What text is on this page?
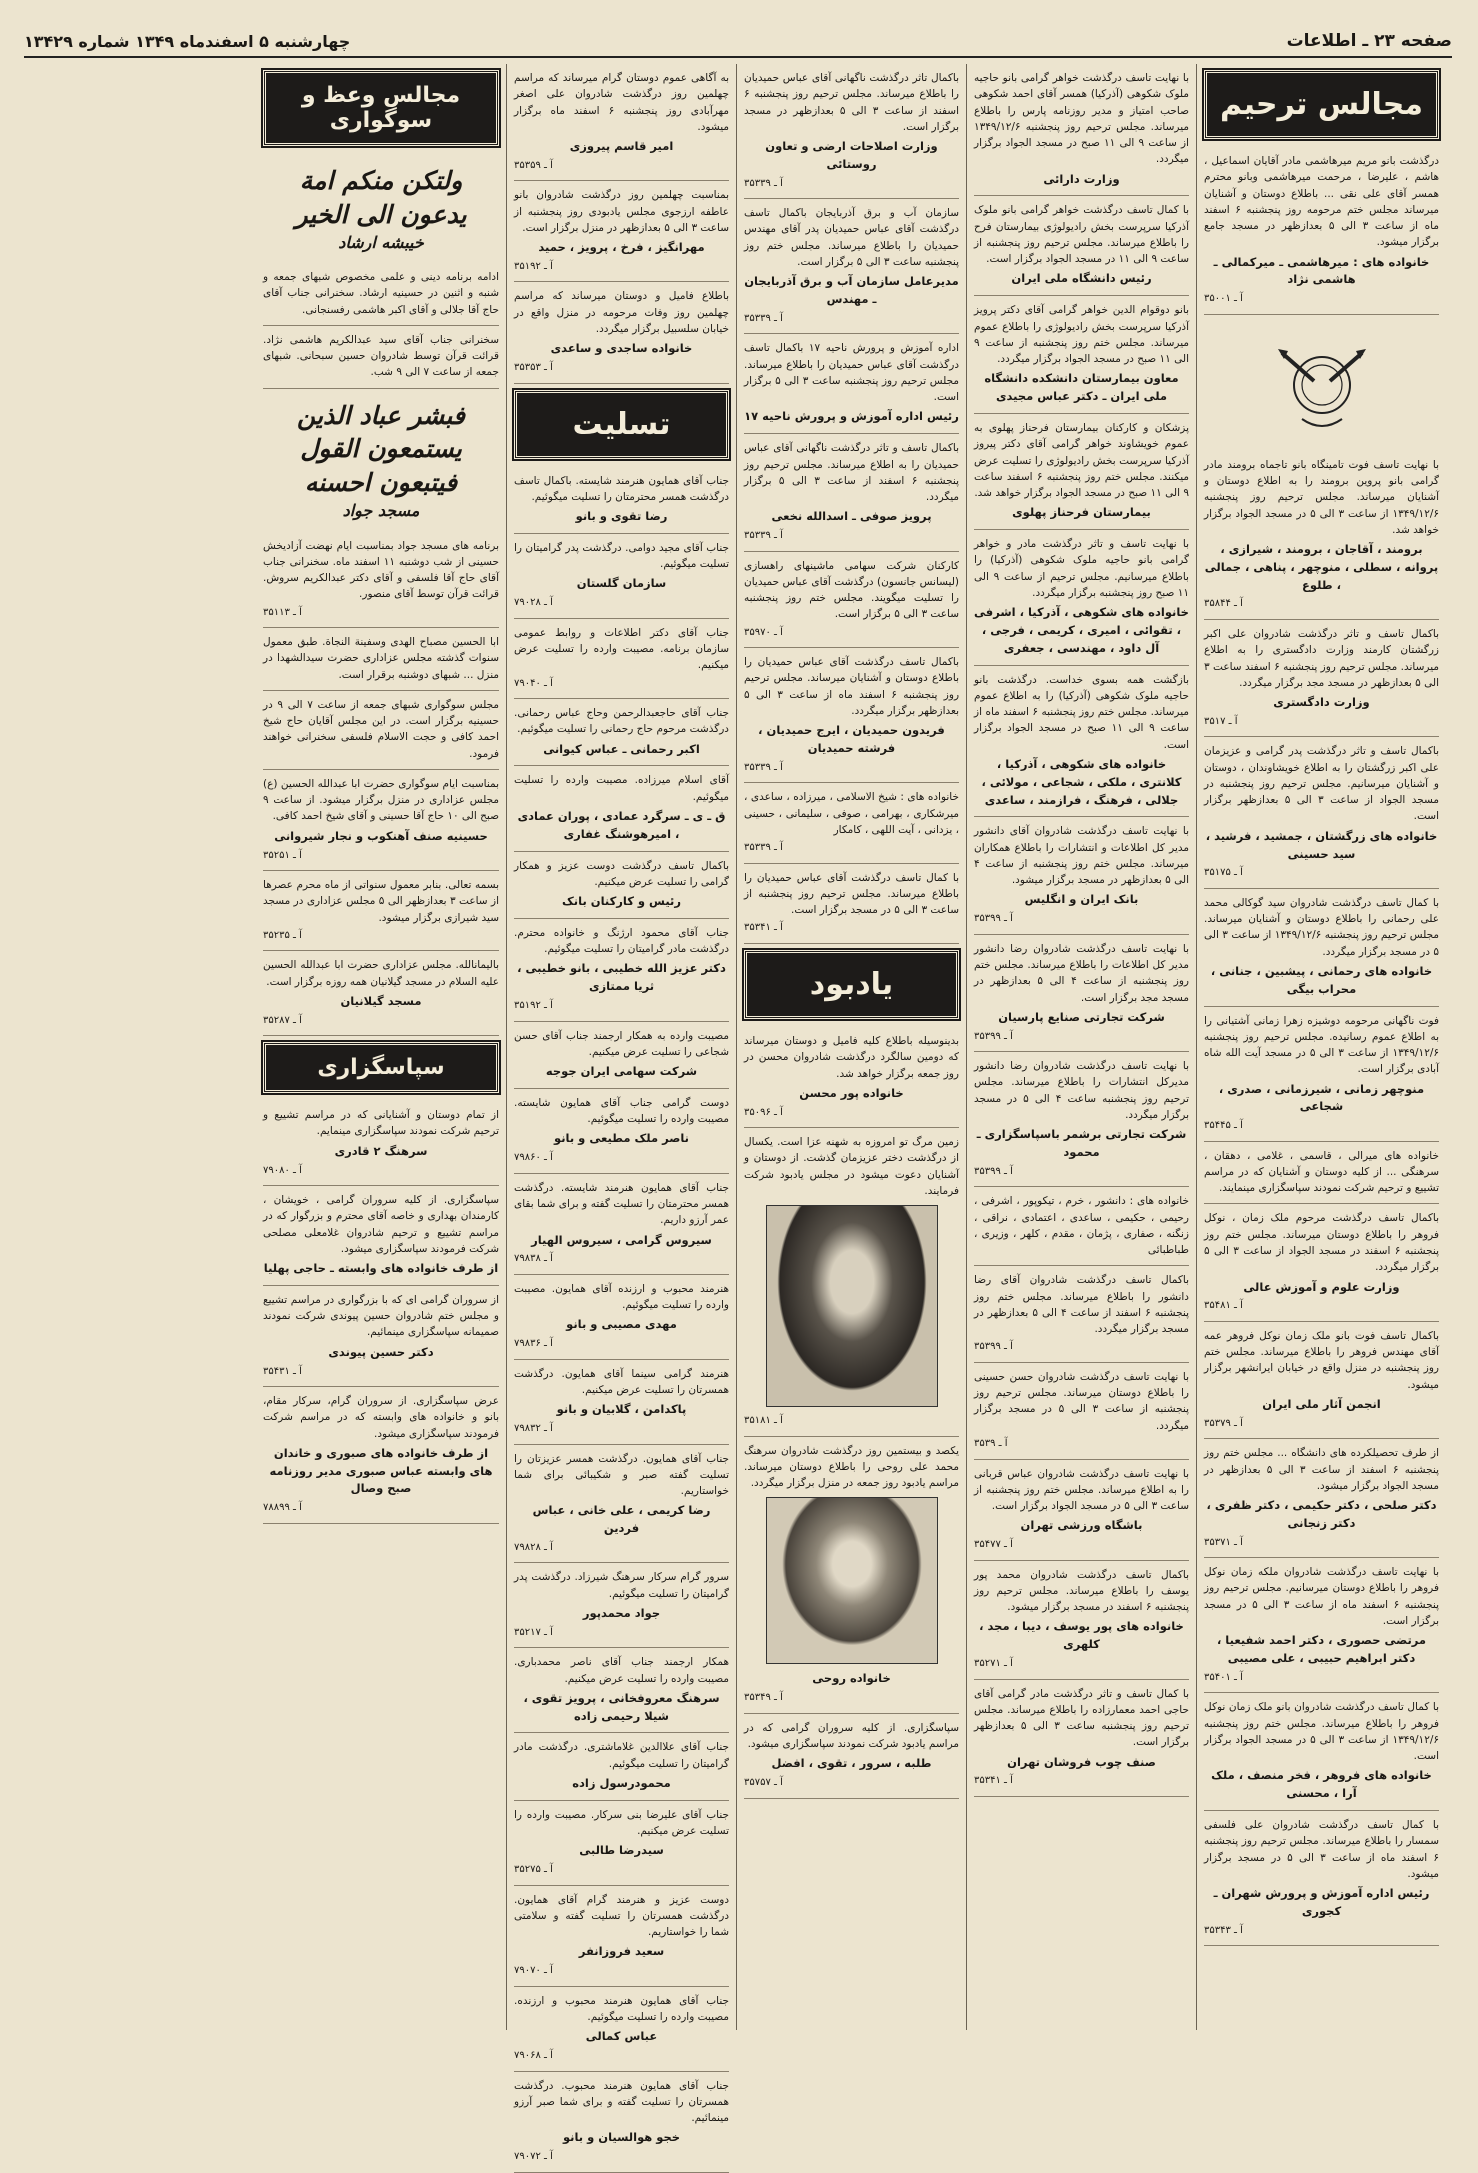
صفحه ۲۳ ـ اطلاعات
چهارشنبه ۵ اسفندماه ۱۳۴۹ شماره ۱۳۴۲۹
مجالس ترحیم

درگذشت بانو مریم میرهاشمی مادر آقایان اسماعیل ، هاشم ، علیرضا ، مرحمت میرهاشمی وبانو محترم همسر آقای علی نقی ... باطلاع دوستان و آشنایان میرساند مجلس ختم مرحومه روز پنجشنبه ۶ اسفند ماه از ساعت ۳ الی ۵ بعدازظهر در مسجد جامع برگزار میشود.

خانواده های : میرهاشمی ـ میرکمالی ـ هاشمی نژاد
آ ـ ۳۵۰۰۱

با نهایت تاسف فوت تامینگاه بانو تاجماه برومند مادر گرامی بانو پروین برومند را به اطلاع دوستان و آشنایان میرساند. مجلس ترحیم روز پنجشنبه ۱۳۴۹/۱۲/۶ از ساعت ۳ الی ۵ در مسجد الجواد برگزار خواهد شد.

برومند ، آقاجان ، برومند ، شیرازی ، پروانه ، سطلی ، منوچهر ، پناهی ، جمالی ، طلوع
آ ـ ۳۵۸۴۴

باکمال تاسف و تاثر درگذشت شادروان علی اکبر زرگشتان کارمند وزارت دادگستری را به اطلاع میرساند. مجلس ترحیم روز پنجشنبه ۶ اسفند ساعت ۳ الی ۵ بعدازظهر در مسجد مجد برگزار میگردد.

وزارت دادگستری
آ ـ ۳۵۱۷

باکمال تاسف و تاثر درگذشت پدر گرامی و عزیزمان علی اکبر زرگشتان را به اطلاع خویشاوندان ، دوستان و آشنایان میرسانیم. مجلس ترحیم روز پنجشنبه در مسجد الجواد از ساعت ۳ الی ۵ بعدازظهر برگزار است.

خانواده های زرگشتان ، جمشید ، فرشید ، سید حسینی
آ ـ ۳۵۱۷۵

با کمال تاسف درگذشت شادروان سید گوکالی محمد علی رحمانی را باطلاع دوستان و آشنایان میرساند. مجلس ترحیم روز پنجشنبه ۱۳۴۹/۱۲/۶ از ساعت ۳ الی ۵ در مسجد برگزار میگردد.

خانواده های رحمانی ، پیشبین ، جنانی ، محراب بیگی

فوت ناگهانی مرحومه دوشیزه زهرا زمانی آشتیانی را به اطلاع عموم رسانیده. مجلس ترحیم روز پنجشنبه ۱۳۴۹/۱۲/۶ از ساعت ۳ الی ۵ در مسجد آیت الله شاه آبادی برگزار است.

منوچهر زمانی ، شیرزمانی ، صدری ، شجاعی
آ ـ ۳۵۴۴۵

خانواده های میرالی ، قاسمی ، غلامی ، دهقان ، سرهنگی ... از کلیه دوستان و آشنایان که در مراسم تشییع و ترحیم شرکت نمودند سپاسگزاری مینمایند.

باکمال تاسف درگذشت مرحوم ملک زمان ، نوکل فروهر را باطلاع دوستان میرساند. مجلس ختم روز پنجشنبه ۶ اسفند در مسجد الجواد از ساعت ۳ الی ۵ برگزار میگردد.

وزارت علوم و آموزش عالی
آ ـ ۳۵۴۸۱

باکمال تاسف فوت بانو ملک زمان نوکل فروهر عمه آقای مهندس فروهر را باطلاع میرساند. مجلس ختم روز پنجشنبه در منزل واقع در خیابان ایرانشهر برگزار میشود.

انجمن آثار ملی ایران
آ ـ ۳۵۳۷۹

از طرف تحصیلکرده های دانشگاه ... مجلس ختم روز پنجشنبه ۶ اسفند از ساعت ۳ الی ۵ بعدازظهر در مسجد الجواد برگزار میشود.

دکتر صلحی ، دکتر حکیمی ، دکتر ظفری ، دکتر زنجانی
آ ـ ۳۵۳۷۱

با نهایت تاسف درگذشت شادروان ملکه زمان نوکل فروهر را باطلاع دوستان میرسانیم. مجلس ترحیم روز پنجشنبه ۶ اسفند ماه از ساعت ۳ الی ۵ در مسجد برگزار است.

مرتضی حصوری ، دکتر احمد شفیعیا ، دکتر ابراهیم حبیبی ، علی مصیبی
آ ـ ۳۵۴۰۱

با کمال تاسف درگذشت شادروان بانو ملک زمان نوکل فروهر را باطلاع میرساند. مجلس ختم روز پنجشنبه ۱۳۴۹/۱۲/۶ از ساعت ۳ الی ۵ در مسجد الجواد برگزار است.

خانواده های فروهر ، فخر منصف ، ملک آرا ، محسنی

با کمال تاسف درگذشت شادروان علی فلسفی سمسار را باطلاع میرساند. مجلس ترحیم روز پنجشنبه ۶ اسفند ماه از ساعت ۳ الی ۵ در مسجد برگزار میشود.

رئیس اداره آموزش و پرورش شهران ـ کجوری
آ ـ ۳۵۳۴۳

با نهایت تاسف درگذشت خواهر گرامی بانو حاجیه ملوک شکوهی (آذرکیا) همسر آقای احمد شکوهی صاحب امتیاز و مدیر روزنامه پارس را باطلاع میرساند. مجلس ترحیم روز پنجشنبه ۱۳۴۹/۱۲/۶ از ساعت ۹ الی ۱۱ صبح در مسجد الجواد برگزار میگردد.

وزارت دارائی

با کمال تاسف درگذشت خواهر گرامی بانو ملوک آذرکیا سرپرست بخش رادیولوژی بیمارستان فرح را باطلاع میرساند. مجلس ترحیم روز پنجشنبه از ساعت ۹ الی ۱۱ در مسجد الجواد برگزار است.

رئیس دانشگاه ملی ایران

بانو دوقوام الدین خواهر گرامی آقای دکتر پرویز آذرکیا سرپرست بخش رادیولوژی را باطلاع عموم میرساند. مجلس ختم روز پنجشنبه از ساعت ۹ الی ۱۱ صبح در مسجد الجواد برگزار میگردد.

معاون بیمارستان دانشکده دانشگاه ملی ایران ـ دکتر عباس مجیدی

پزشکان و کارکنان بیمارستان فرحناز پهلوی به عموم خویشاوند خواهر گرامی آقای دکتر پیروز آذرکیا سرپرست بخش رادیولوژی را تسلیت عرض میکنند. مجلس ختم روز پنجشنبه ۶ اسفند ساعت ۹ الی ۱۱ صبح در مسجد الجواد برگزار خواهد شد.

بیمارستان فرحناز پهلوی

با نهایت تاسف و تاثر درگذشت مادر و خواهر گرامی بانو حاجیه ملوک شکوهی (آذرکیا) را باطلاع میرسانیم. مجلس ترحیم از ساعت ۹ الی ۱۱ صبح روز پنجشنبه برگزار میگردد.

خانواده های شکوهی ، آذرکیا ، اشرفی ، تقوائی ، امیری ، کریمی ، فرجی ، آل داود ، مهندسی ، جعفری

بازگشت همه بسوی خداست. درگذشت بانو حاجیه ملوک شکوهی (آذرکیا) را به اطلاع عموم میرساند. مجلس ختم روز پنجشنبه ۶ اسفند ماه از ساعت ۹ الی ۱۱ صبح در مسجد الجواد برگزار است.

خانواده های شکوهی ، آذرکیا ، کلانتری ، ملکی ، شجاعی ، مولائی ، جلالی ، فرهنگ ، فرازمند ، ساعدی

با نهایت تاسف درگذشت شادروان آقای دانشور مدیر کل اطلاعات و انتشارات را باطلاع همکاران میرساند. مجلس ختم روز پنجشنبه از ساعت ۴ الی ۵ بعدازظهر در مسجد برگزار میشود.

بانک ایران و انگلیس
آ ـ ۳۵۳۹۹

با نهایت تاسف درگذشت شادروان رضا دانشور مدیر کل اطلاعات را باطلاع میرساند. مجلس ختم روز پنجشنبه از ساعت ۴ الی ۵ بعدازظهر در مسجد مجد برگزار است.

شرکت تجارتی صنایع پارسیان
آ ـ ۳۵۳۹۹

با نهایت تاسف درگذشت شادروان رضا دانشور مدیرکل انتشارات را باطلاع میرساند. مجلس ترحیم روز پنجشنبه ساعت ۴ الی ۵ در مسجد برگزار میگردد.

شرکت تجارتی برشمر باسپاسگزاری ـ محمود
آ ـ ۳۵۳۹۹

خانواده های : دانشور ، خرم ، تیکوپور ، اشرفی ، رحیمی ، حکیمی ، ساعدی ، اعتمادی ، نراقی ، زنگنه ، صفاری ، پژمان ، مقدم ، کلهر ، وزیری ، طباطبائی

باکمال تاسف درگذشت شادروان آقای رضا دانشور را باطلاع میرساند. مجلس ختم روز پنجشنبه ۶ اسفند از ساعت ۴ الی ۵ بعدازظهر در مسجد برگزار میگردد.

آ ـ ۳۵۳۹۹

با نهایت تاسف درگذشت شادروان حسن حسینی را باطلاع دوستان میرساند. مجلس ترحیم روز پنجشنبه از ساعت ۳ الی ۵ در مسجد برگزار میگردد.

آ ـ ۳۵۳۹

با نهایت تاسف درگذشت شادروان عباس قربانی را به اطلاع میرساند. مجلس ختم روز پنجشنبه از ساعت ۳ الی ۵ در مسجد الجواد برگزار است.

باشگاه ورزشی تهران
آ ـ ۳۵۴۷۷

باکمال تاسف درگذشت شادروان محمد پور یوسف را باطلاع میرساند. مجلس ترحیم روز پنجشنبه ۶ اسفند در مسجد برگزار میشود.

خانواده های پور یوسف ، دیبا ، مجد ، کلهری
آ ـ ۳۵۲۷۱

با کمال تاسف و تاثر درگذشت مادر گرامی آقای حاجی احمد معمارزاده را باطلاع میرساند. مجلس ترحیم روز پنجشنبه ساعت ۳ الی ۵ بعدازظهر برگزار است.

صنف چوب فروشان تهران
آ ـ ۳۵۳۴۱

باکمال تاثر درگذشت ناگهانی آقای عباس حمیدیان را باطلاع میرساند. مجلس ترحیم روز پنجشنبه ۶ اسفند از ساعت ۳ الی ۵ بعدازظهر در مسجد برگزار است.

وزارت اصلاحات ارضی و تعاون روستائی
آ ـ ۳۵۳۳۹

سازمان آب و برق آذربایجان باکمال تاسف درگذشت آقای عباس حمیدیان پدر آقای مهندس حمیدیان را باطلاع میرساند. مجلس ختم روز پنجشنبه ساعت ۳ الی ۵ برگزار است.

مدیرعامل سازمان آب و برق آذربایجان ـ مهندس
آ ـ ۳۵۳۳۹

اداره آموزش و پرورش ناحیه ۱۷ باکمال تاسف درگذشت آقای عباس حمیدیان را باطلاع میرساند. مجلس ترحیم روز پنجشنبه ساعت ۳ الی ۵ برگزار است.

رئیس اداره آموزش و پرورش ناحیه ۱۷

باکمال تاسف و تاثر درگذشت ناگهانی آقای عباس حمیدیان را به اطلاع میرساند. مجلس ترحیم روز پنجشنبه ۶ اسفند از ساعت ۳ الی ۵ برگزار میگردد.

پرویز صوفی ـ اسدالله نخعی
آ ـ ۳۵۳۳۹

کارکنان شرکت سهامی ماشینهای راهسازی (لیسانس جانسون) درگذشت آقای عباس حمیدیان را تسلیت میگویند. مجلس ختم روز پنجشنبه ساعت ۳ الی ۵ برگزار است.

آ ـ ۳۵۹۷۰

باکمال تاسف درگذشت آقای عباس حمیدیان را باطلاع دوستان و آشنایان میرساند. مجلس ترحیم روز پنجشنبه ۶ اسفند ماه از ساعت ۳ الی ۵ بعدازظهر برگزار میگردد.

فریدون حمیدیان ، ایرج حمیدیان ، فرشته حمیدیان
آ ـ ۳۵۳۳۹

خانواده های : شیخ الاسلامی ، میرزاده ، ساعدی ، میرشکاری ، بهرامی ، صوفی ، سلیمانی ، حسینی ، یزدانی ، آیت اللهی ، کامکار

آ ـ ۳۵۳۳۹

با کمال تاسف درگذشت آقای عباس حمیدیان را باطلاع میرساند. مجلس ترحیم روز پنجشنبه از ساعت ۳ الی ۵ در مسجد برگزار است.

آ ـ ۳۵۳۴۱
یادبود

بدینوسیله باطلاع کلیه فامیل و دوستان میرساند که دومین سالگرد درگذشت شادروان محسن در روز جمعه برگزار خواهد شد.

خانواده پور محسن
آ ـ ۳۵۰۹۶

زمین مرگ تو امروزه به شهنه عزا است. یکسال از درگذشت دختر عزیزمان گذشت. از دوستان و آشنایان دعوت میشود در مجلس یادبود شرکت فرمایند.

آ ـ ۳۵۱۸۱

یکصد و بیستمین روز درگذشت شادروان سرهنگ محمد علی روحی را باطلاع دوستان میرساند. مراسم یادبود روز جمعه در منزل برگزار میگردد.

خانواده روحی
آ ـ ۳۵۳۴۹

سپاسگزاری. از کلیه سروران گرامی که در مراسم یادبود شرکت نمودند سپاسگزاری میشود.

طلبه ، سرور ، تقوی ، افضل
آ ـ ۳۵۷۵۷

به آگاهی عموم دوستان گرام میرساند که مراسم چهلمین روز درگذشت شادروان علی اصغر مهرآبادی روز پنجشنبه ۶ اسفند ماه برگزار میشود.

امیر قاسم پیروزی
آ ـ ۳۵۳۵۹

بمناسبت چهلمین روز درگذشت شادروان بانو عاطفه ارزجوی مجلس یادبودی روز پنجشنبه از ساعت ۳ الی ۵ بعدازظهر در منزل برگزار است.

مهرانگیز ، فرخ ، پرویز ، حمید
آ ـ ۳۵۱۹۲

باطلاع فامیل و دوستان میرساند که مراسم چهلمین روز وفات مرحومه در منزل واقع در خیابان سلسبیل برگزار میگردد.

خانواده ساجدی و ساعدی
آ ـ ۳۵۳۵۳
تسلیت

جناب آقای همایون هنرمند شایسته. باکمال تاسف درگذشت همسر محترمتان را تسلیت میگوئیم.

رضا تقوی و بانو

جناب آقای مجید دوامی. درگذشت پدر گرامیتان را تسلیت میگوئیم.

سازمان گلستان
آ ـ ۷۹۰۲۸

جناب آقای دکتر اطلاعات و روابط عمومی سازمان برنامه. مصیبت وارده را تسلیت عرض میکنیم.

آ ـ ۷۹۰۴۰

جناب آقای حاجعبدالرحمن وحاج عباس رحمانی. درگذشت مرحوم حاج رحمانی را تسلیت میگوئیم.

اکبر رحمانی ـ عباس کیوانی

آقای اسلام میرزاده. مصیبت وارده را تسلیت میگوئیم.

ق ـ ی ـ سرگرد عمادی ، پوران عمادی ، امیرهوشنگ غفاری

باکمال تاسف درگذشت دوست عزیز و همکار گرامی را تسلیت عرض میکنیم.

رئیس و کارکنان بانک

جناب آقای محمود ارژنگ و خانواده محترم. درگذشت مادر گرامیتان را تسلیت میگوئیم.

دکتر عزیز الله خطیبی ، بانو خطیبی ، ثریا ممتازی
آ ـ ۳۵۱۹۲

مصیبت وارده به همکار ارجمند جناب آقای حسن شجاعی را تسلیت عرض میکنیم.

شرکت سهامی ایران جوجه

دوست گرامی جناب آقای همایون شایسته. مصیبت وارده را تسلیت میگوئیم.

ناصر ملک مطیعی و بانو
آ ـ ۷۹۸۶۰

جناب آقای همایون هنرمند شایسته. درگذشت همسر محترمتان را تسلیت گفته و برای شما بقای عمر آرزو داریم.

سیروس گرامی ، سیروس الهیار
آ ـ ۷۹۸۳۸

هنرمند محبوب و ارزنده آقای همایون. مصیبت وارده را تسلیت میگوئیم.

مهدی مصیبی و بانو
آ ـ ۷۹۸۳۶

هنرمند گرامی سینما آقای همایون. درگذشت همسرتان را تسلیت عرض میکنیم.

پاکدامن ، گلابیان و بانو
آ ـ ۷۹۸۳۲

جناب آقای همایون. درگذشت همسر عزیزتان را تسلیت گفته صبر و شکیبائی برای شما خواستاریم.

رضا کریمی ، علی خانی ، عباس فردین
آ ـ ۷۹۸۲۸

سرور گرام سرکار سرهنگ شیرزاد. درگذشت پدر گرامیتان را تسلیت میگوئیم.

جواد محمدپور
آ ـ ۳۵۲۱۷

همکار ارجمند جناب آقای ناصر محمدباری. مصیبت وارده را تسلیت عرض میکنیم.

سرهنگ معروفخانی ، پرویز تقوی ، شیلا رحیمی زاده

جناب آقای علاالدین غلاماشتری. درگذشت مادر گرامیتان را تسلیت میگوئیم.

محمودرسول زاده

جناب آقای علیرضا بنی سرکار. مصیبت وارده را تسلیت عرض میکنیم.

سیدرضا طالبی
آ ـ ۳۵۲۷۵

دوست عزیز و هنرمند گرام آقای همایون. درگذشت همسرتان را تسلیت گفته و سلامتی شما را خواستاریم.

سعید فروزانفر
آ ـ ۷۹۰۷۰

جناب آقای همایون هنرمند محبوب و ارزنده. مصیبت وارده را تسلیت میگوئیم.

عباس کمالی
آ ـ ۷۹۰۶۸

جناب آقای همایون هنرمند محبوب. درگذشت همسرتان را تسلیت گفته و برای شما صبر آرزو مینمائیم.

خجو هوالسیان و بانو
آ ـ ۷۹۰۷۲
مجالس وعظ و سوگواری
ولتکن منکم امة یدعون الی الخیر
خیبشه ارشاد

ادامه برنامه دینی و علمی مخصوص شبهای جمعه و شنبه و اثنین در حسینیه ارشاد. سخنرانی جناب آقای حاج آقا جلالی و آقای اکبر هاشمی رفسنجانی.

سخنرانی جناب آقای سید عبدالکریم هاشمی نژاد. قرائت قرآن توسط شادروان حسین سبحانی. شبهای جمعه از ساعت ۷ الی ۹ شب.

فبشر عباد الذین یستمعون القول فیتبعون احسنه
مسجد جواد

برنامه های مسجد جواد بمناسبت ایام نهضت آزادیخش حسینی از شب دوشنبه ۱۱ اسفند ماه. سخنرانی جناب آقای حاج آقا فلسفی و آقای دکتر عبدالکریم سروش. قرائت قرآن توسط آقای منصور.

آ ـ ۳۵۱۱۳

ابا الحسین مصباح الهدی وسفینة النجاة. طبق معمول سنوات گذشته مجلس عزاداری حضرت سیدالشهدا در منزل ... شبهای دوشنبه برقرار است.

مجلس سوگواری شبهای جمعه از ساعت ۷ الی ۹ در حسینیه برگزار است. در این مجلس آقایان حاج شیخ احمد کافی و حجت الاسلام فلسفی سخنرانی خواهند فرمود.

بمناسبت ایام سوگواری حضرت ابا عبدالله الحسین (ع) مجلس عزاداری در منزل برگزار میشود. از ساعت ۹ صبح الی ۱۰ حاج آقا حسینی و آقای شیخ احمد کافی.

حسینیه صنف آهنکوب و نجار شیروانی
آ ـ ۳۵۲۵۱

بسمه تعالی. بنابر معمول سنواتی از ماه محرم عصرها از ساعت ۳ بعدازظهر الی ۵ مجلس عزاداری در مسجد سید شیرازی برگزار میشود.

آ ـ ۳۵۲۳۵

بالیمانالله. مجلس عزاداری حضرت ابا عبدالله الحسین علیه السلام در مسجد گیلانیان همه روزه برگزار است.

مسجد گیلانیان
آ ـ ۳۵۲۸۷
سپاسگزاری

از تمام دوستان و آشنایانی که در مراسم تشییع و ترحیم شرکت نمودند سپاسگزاری مینمایم.

سرهنگ ۲ قادری
آ ـ ۷۹۰۸۰

سپاسگزاری. از کلیه سروران گرامی ، خویشان ، کارمندان بهداری و خاصه آقای محترم و بزرگوار که در مراسم تشییع و ترحیم شادروان غلامعلی مصلحی شرکت فرمودند سپاسگزاری میشود.

از طرف خانواده های وابسته ـ حاجی پهلیا

از سروران گرامی ای که با بزرگواری در مراسم تشییع و مجلس ختم شادروان حسین پیوندی شرکت نمودند صمیمانه سپاسگزاری مینمائیم.

دکتر حسین پیوندی
آ ـ ۳۵۴۳۱

عرض سپاسگزاری. از سروران گرام، سرکار مقام، بانو و خانواده های وابسته که در مراسم شرکت فرمودند سپاسگزاری میشود.

از طرف خانواده های صبوری و خاندان های وابسته عباس صبوری مدیر روزنامه صبح وصال
آ ـ ۷۸۸۹۹
